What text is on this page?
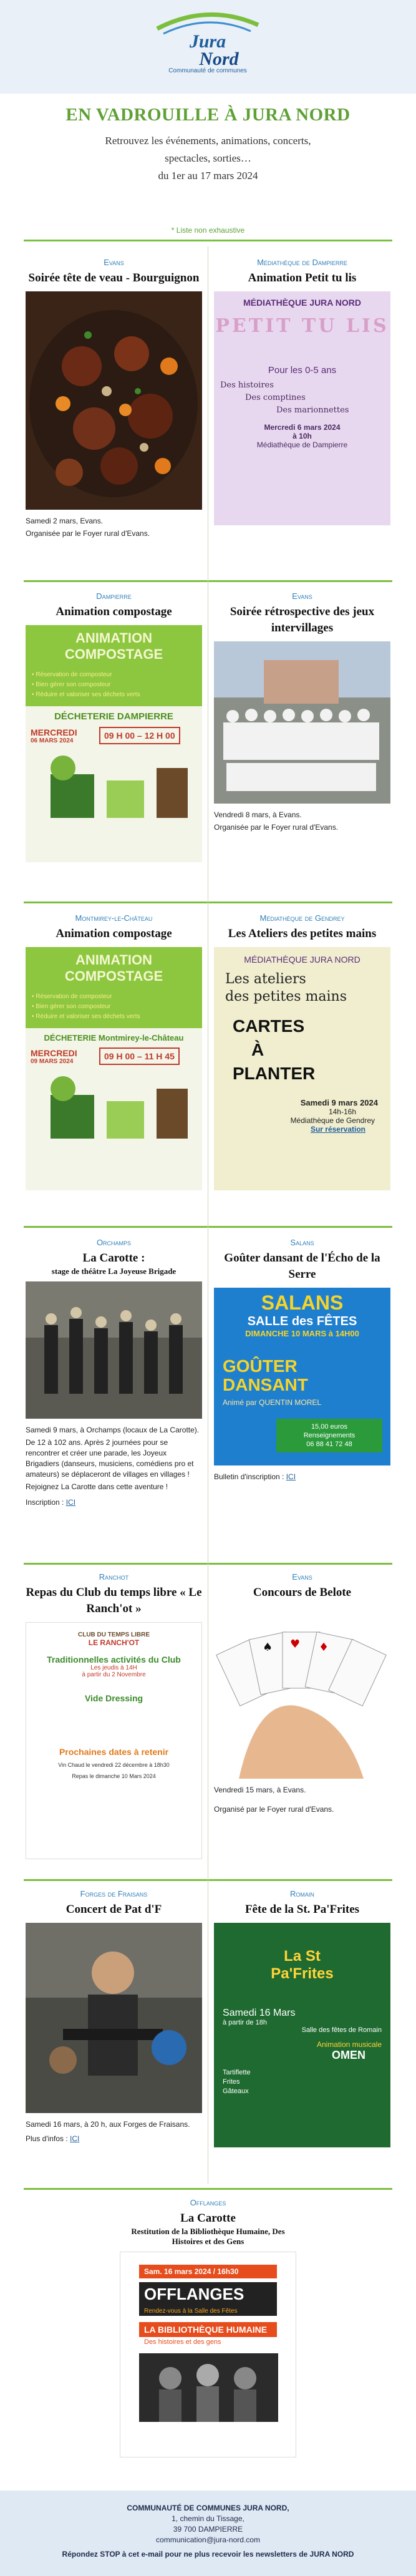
Jura
Nord
Communauté de communes
EN VADROUILLE À JURA NORD
Retrouvez les événements, animations, concerts,
spectacles, sorties…
du 1er au 17 mars 2024
* Liste non exhaustive
Evans
Soirée tête de veau - Bourguignon

Samedi 2 mars, Evans.

Organisée par le Foyer rural d'Evans.

Médiathèque de Dampierre
Animation Petit tu lis
MÉDIATHÈQUE JURA NORD
PETIT TU LIS
Pour les 0-5 ans
Des histoires
Des comptines
Des marionnettes
Mercredi 6 mars 2024
à 10h
Médiathèque de Dampierre
Dampierre
Animation compostage
ANIMATION
COMPOSTAGE
• Réservation de composteur
• Bien gérer son composteur
• Réduire et valoriser ses déchets verts
DÉCHETERIE DAMPIERRE
MERCREDI
06 MARS 2024	09 H 00 – 12 H 00
Evans
Soirée rétrospective des jeux intervillages

Vendredi 8 mars, à Evans.

Organisée par le Foyer rural d'Evans.

Montmirey-le-Château
Animation compostage
ANIMATION
COMPOSTAGE
• Réservation de composteur
• Bien gérer son composteur
• Réduire et valoriser ses déchets verts
DÉCHETERIE Montmirey-le-Château
MERCREDI
09 MARS 2024	09 H 00 – 11 H 45
Médiathèque de Gendrey
Les Ateliers des petites mains
MÉDIATHÈQUE JURA NORD
Les ateliers
des petites mains
CARTES
À
PLANTER
Samedi 9 mars 2024
14h-16h
Médiathèque de Gendrey
Sur réservation
Orchamps
La Carotte :
stage de théâtre La Joyeuse Brigade

Samedi 9 mars, à Orchamps (locaux de La Carotte).

De 12 à 102 ans. Après 2 journées pour se rencontrer et créer une parade, les Joyeux Brigadiers (danseurs, musiciens, comédiens pro et amateurs) se déplaceront de villages en villages !

Rejoignez La Carotte dans cette aventure !

Inscription : ICI

Salans
Goûter dansant de l'Écho de la Serre
SALANS
SALLE des FÊTES
DIMANCHE 10 MARS à 14H00
GOÛTER
DANSANT
Animé par QUENTIN MOREL
15,00 euros
Renseignements
06 88 41 72 48

Bulletin d'inscription : ICI

Ranchot
Repas du Club du temps libre « Le Ranch'ot »
CLUB DU TEMPS LIBRE
LE RANCH'OT
Traditionnelles activités du Club
Les jeudis à 14H
à partir du 2 Novembre
Vide Dressing
Prochaines dates à retenir
Vin Chaud le vendredi 22 décembre à 18h30
Repas le dimanche 10 Mars 2024
Evans
Concours de Belote
♥
♠	♦

Vendredi 15 mars, à Evans.

Organisé par le Foyer rural d'Evans.

Forges de Fraisans
Concert de Pat d'F

Samedi 16 mars, à 20 h, aux Forges de Fraisans.

Plus d'infos : ICI

Romain
Fête de la St. Pa'Frites
La St
Pa'Frites
Samedi 16 Mars
à partir de 18h
Salle des fêtes de Romain
Animation musicale
OMEN
Tartiflette
Frites
Gâteaux
Offlanges
La Carotte
Restitution de la Bibliothèque Humaine, Des Histoires et des Gens
Sam. 16 mars 2024 / 16h30
OFFLANGES
Rendez-vous à la Salle des Fêtes
LA BIBLIOTHÈQUE HUMAINE
Des histoires et des gens
COMMUNAUTÉ DE COMMUNES JURA NORD,
1, chemin du Tissage,
39 700 DAMPIERRE
communication@jura-nord.com
Répondez STOP à cet e-mail pour ne plus recevoir les newsletters de JURA NORD
